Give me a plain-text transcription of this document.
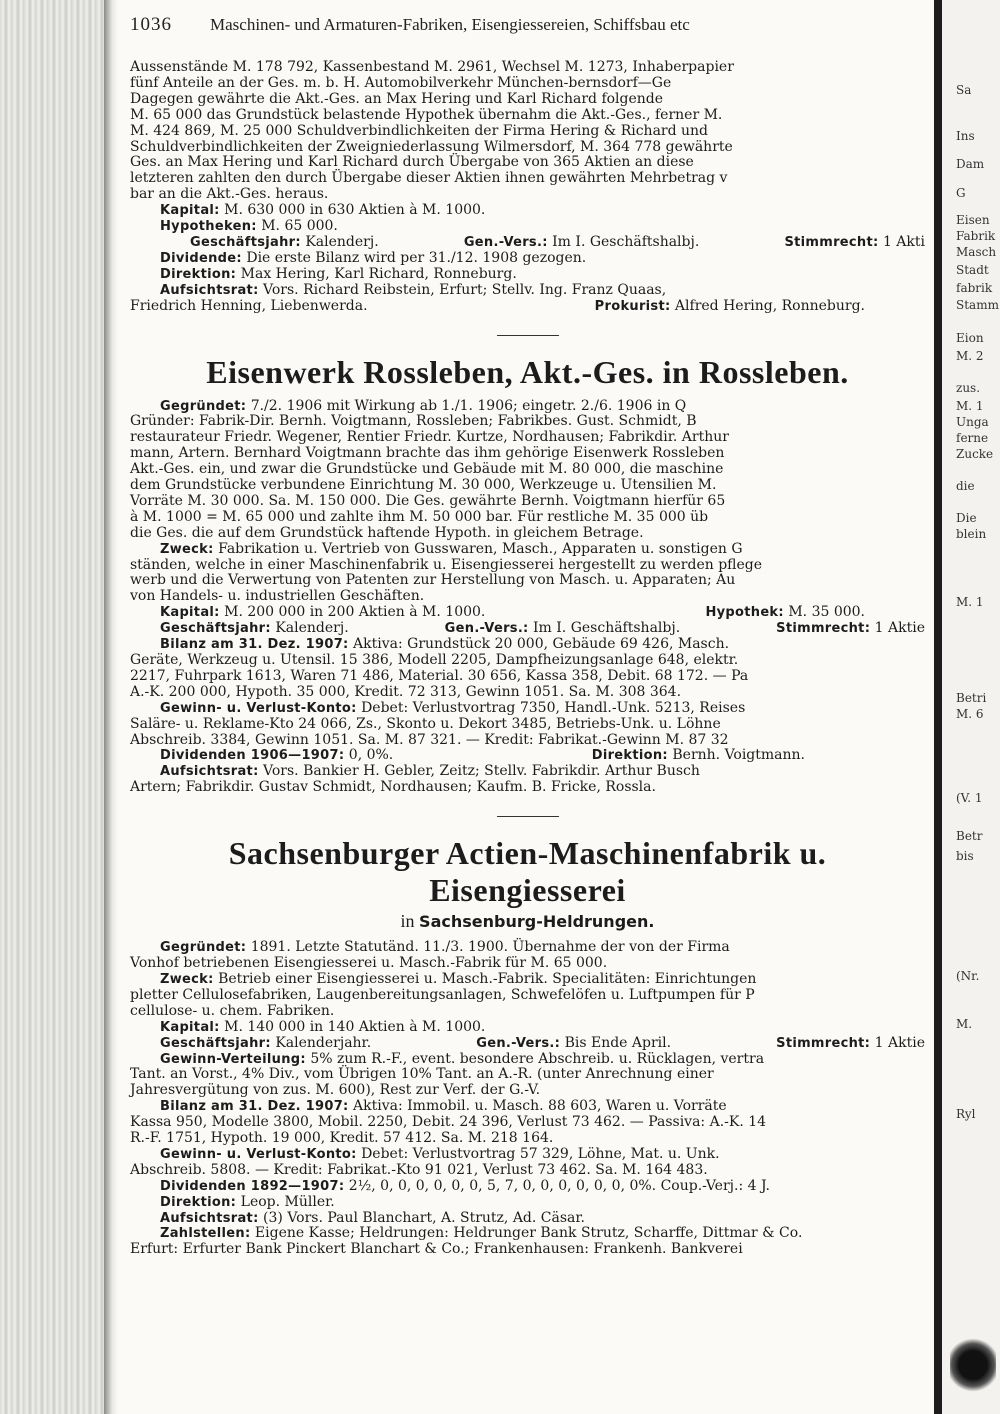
Sa
Ins
Dam
G
Eisen
Fabrik
Masch
Stadt
fabrik
Stamm
Eion
M. 2
zus.
M. 1
Unga
ferne
Zucke
die
M. 1
Die
blein
Betri
M. 6
(V. 1
Betr
bis
(Nr.
M.
Ryl
1036 Maschinen- und Armaturen-Fabriken, Eisengiessereien, Schiffsbau etc

Aussenstände M. 178 792, Kassenbestand M. 2961, Wechsel M. 1273, Inhaberpapier

fünf Anteile an der Ges. m. b. H. Automobilverkehr München-bernsdorf—Ge

Dagegen gewährte die Akt.-Ges. an Max Hering und Karl Richard folgende

M. 65 000 das Grundstück belastende Hypothek übernahm die Akt.-Ges., ferner M.

M. 424 869, M. 25 000 Schuldverbindlichkeiten der Firma Hering & Richard und

Schuldverbindlichkeiten der Zweigniederlassung Wilmersdorf, M. 364 778 gewährte

Ges. an Max Hering und Karl Richard durch Übergabe von 365 Aktien an diese

letzteren zahlten den durch Übergabe dieser Aktien ihnen gewährten Mehrbetrag v

bar an die Akt.-Ges. heraus.

Kapital: M. 630 000 in 630 Aktien à M. 1000.

Hypotheken: M. 65 000.

Geschäftsjahr: Kalenderj.	Gen.-Vers.: Im I. Geschäftshalbj.	Stimmrecht: 1 Akti

Dividende: Die erste Bilanz wird per 31./12. 1908 gezogen.

Direktion: Max Hering, Karl Richard, Ronneburg.

Aufsichtsrat: Vors. Richard Reibstein, Erfurt; Stellv. Ing. Franz Quaas,

Friedrich Henning, Liebenwerda.	Prokurist: Alfred Hering, Ronneburg.
Eisenwerk Rossleben, Akt.-Ges. in Rossleben.

Gegründet: 7./2. 1906 mit Wirkung ab 1./1. 1906; eingetr. 2./6. 1906 in Q

Gründer: Fabrik-Dir. Bernh. Voigtmann, Rossleben; Fabrikbes. Gust. Schmidt, B

restaurateur Friedr. Wegener, Rentier Friedr. Kurtze, Nordhausen; Fabrikdir. Arthur

mann, Artern. Bernhard Voigtmann brachte das ihm gehörige Eisenwerk Rossleben

Akt.-Ges. ein, und zwar die Grundstücke und Gebäude mit M. 80 000, die maschine

dem Grundstücke verbundene Einrichtung M. 30 000, Werkzeuge u. Utensilien M.

Vorräte M. 30 000. Sa. M. 150 000. Die Ges. gewährte Bernh. Voigtmann hierfür 65

à M. 1000 = M. 65 000 und zahlte ihm M. 50 000 bar. Für restliche M. 35 000 üb

die Ges. die auf dem Grundstück haftende Hypoth. in gleichem Betrage.

Zweck: Fabrikation u. Vertrieb von Gusswaren, Masch., Apparaten u. sonstigen G

ständen, welche in einer Maschinenfabrik u. Eisengiesserei hergestellt zu werden pflege

werb und die Verwertung von Patenten zur Herstellung von Masch. u. Apparaten; Au

von Handels- u. industriellen Geschäften.

Kapital: M. 200 000 in 200 Aktien à M. 1000.	Hypothek: M. 35 000.
Geschäftsjahr: Kalenderj.	Gen.-Vers.: Im I. Geschäftshalbj.	Stimmrecht: 1 Aktie

Bilanz am 31. Dez. 1907: Aktiva: Grundstück 20 000, Gebäude 69 426, Masch.

Geräte, Werkzeug u. Utensil. 15 386, Modell 2205, Dampfheizungsanlage 648, elektr.

2217, Fuhrpark 1613, Waren 71 486, Material. 30 656, Kassa 358, Debit. 68 172. — Pa

A.-K. 200 000, Hypoth. 35 000, Kredit. 72 313, Gewinn 1051. Sa. M. 308 364.

Gewinn- u. Verlust-Konto: Debet: Verlustvortrag 7350, Handl.-Unk. 5213, Reises

Saläre- u. Reklame-Kto 24 066, Zs., Skonto u. Dekort 3485, Betriebs-Unk. u. Löhne

Abschreib. 3384, Gewinn 1051. Sa. M. 87 321. — Kredit: Fabrikat.-Gewinn M. 87 32

Dividenden 1906—1907: 0, 0%.	Direktion: Bernh. Voigtmann.

Aufsichtsrat: Vors. Bankier H. Gebler, Zeitz; Stellv. Fabrikdir. Arthur Busch

Artern; Fabrikdir. Gustav Schmidt, Nordhausen; Kaufm. B. Fricke, Rossla.

Sachsenburger Actien-Maschinenfabrik u. Eisengiesserei
in Sachsenburg-Heldrungen.

Gegründet: 1891. Letzte Statutänd. 11./3. 1900. Übernahme der von der Firma

Vonhof betriebenen Eisengiesserei u. Masch.-Fabrik für M. 65 000.

Zweck: Betrieb einer Eisengiesserei u. Masch.-Fabrik. Specialitäten: Einrichtungen

pletter Cellulosefabriken, Laugenbereitungsanlagen, Schwefelöfen u. Luftpumpen für P

cellulose- u. chem. Fabriken.

Kapital: M. 140 000 in 140 Aktien à M. 1000.

Geschäftsjahr: Kalenderjahr.	Gen.-Vers.: Bis Ende April.	Stimmrecht: 1 Aktie

Gewinn-Verteilung: 5% zum R.-F., event. besondere Abschreib. u. Rücklagen, vertra

Tant. an Vorst., 4% Div., vom Übrigen 10% Tant. an A.-R. (unter Anrechnung einer

Jahresvergütung von zus. M. 600), Rest zur Verf. der G.-V.

Bilanz am 31. Dez. 1907: Aktiva: Immobil. u. Masch. 88 603, Waren u. Vorräte

Kassa 950, Modelle 3800, Mobil. 2250, Debit. 24 396, Verlust 73 462. — Passiva: A.-K. 14

R.-F. 1751, Hypoth. 19 000, Kredit. 57 412. Sa. M. 218 164.

Gewinn- u. Verlust-Konto: Debet: Verlustvortrag 57 329, Löhne, Mat. u. Unk.

Abschreib. 5808. — Kredit: Fabrikat.-Kto 91 021, Verlust 73 462. Sa. M. 164 483.

Dividenden 1892—1907: 2½, 0, 0, 0, 0, 0, 0, 5, 7, 0, 0, 0, 0, 0, 0, 0%. Coup.-Verj.: 4 J.

Direktion: Leop. Müller.

Aufsichtsrat: (3) Vors. Paul Blanchart, A. Strutz, Ad. Cäsar.

Zahlstellen: Eigene Kasse; Heldrungen: Heldrunger Bank Strutz, Scharffe, Dittmar & Co.

Erfurt: Erfurter Bank Pinckert Blanchart & Co.; Frankenhausen: Frankenh. Bankverei
